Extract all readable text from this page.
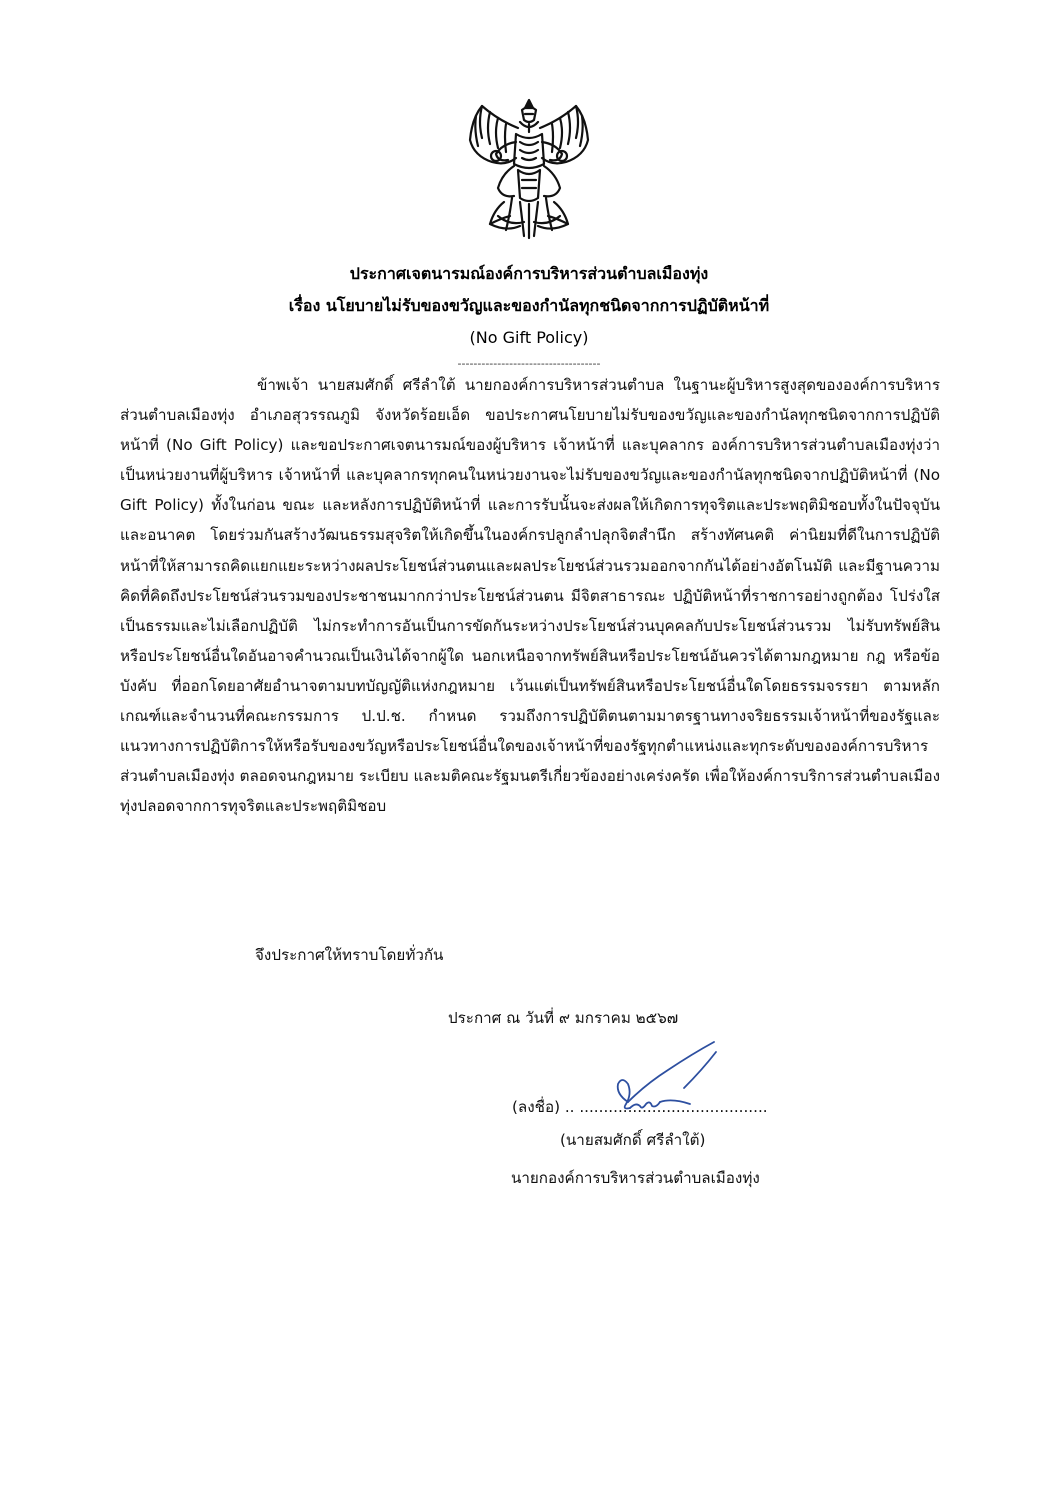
ประกาศเจตนารมณ์องค์การบริหารส่วนตำบลเมืองทุ่ง
เรื่อง นโยบายไม่รับของขวัญและของกำนัลทุกชนิดจากการปฏิบัติหน้าที่
(No Gift Policy)
------------------------------------

ข้าพเจ้า นายสมศักดิ์ ศรีลำใต้ นายกองค์การบริหารส่วนตำบล ในฐานะผู้บริหารสูงสุดขององค์การบริหารส่วนตำบลเมืองทุ่ง อำเภอสุวรรณภูมิ จังหวัดร้อยเอ็ด ขอประกาศนโยบายไม่รับของขวัญและของกำนัลทุกชนิดจากการปฏิบัติหน้าที่ (No Gift Policy) และขอประกาศเจตนารมณ์ของผู้บริหาร เจ้าหน้าที่ และบุคลากร องค์การบริหารส่วนตำบลเมืองทุ่งว่า เป็นหน่วยงานที่ผู้บริหาร เจ้าหน้าที่ และบุคลากรทุกคนในหน่วยงานจะไม่รับของขวัญและของกำนัลทุกชนิดจากปฏิบัติหน้าที่ (No Gift Policy) ทั้งในก่อน ขณะ และหลังการปฏิบัติหน้าที่ และการรับนั้นจะส่งผลให้เกิดการทุจริตและประพฤติมิชอบทั้งในปัจจุบันและอนาคต โดยร่วมกันสร้างวัฒนธรรมสุจริตให้เกิดขึ้นในองค์กรปลูกลำปลุกจิตสำนึก สร้างทัศนคติ ค่านิยมที่ดีในการปฏิบัติหน้าที่ให้สามารถคิดแยกแยะระหว่างผลประโยชน์ส่วนตนและผลประโยชน์ส่วนรวมออกจากกันได้อย่างอัตโนมัติ และมีฐานความคิดที่คิดถึงประโยชน์ส่วนรวมของประชาชนมากกว่าประโยชน์ส่วนตน มีจิตสาธารณะ ปฏิบัติหน้าที่ราชการอย่างถูกต้อง โปร่งใส เป็นธรรมและไม่เลือกปฏิบัติ ไม่กระทำการอันเป็นการขัดกันระหว่างประโยชน์ส่วนบุคคลกับประโยชน์ส่วนรวม ไม่รับทรัพย์สินหรือประโยชน์อื่นใดอันอาจคำนวณเป็นเงินได้จากผู้ใด นอกเหนือจากทรัพย์สินหรือประโยชน์อันควรได้ตามกฎหมาย กฎ หรือข้อบังคับ ที่ออกโดยอาศัยอำนาจตามบทบัญญัติแห่งกฎหมาย เว้นแต่เป็นทรัพย์สินหรือประโยชน์อื่นใดโดยธรรมจรรยา ตามหลักเกณฑ์และจำนวนที่คณะกรรมการ ป.ป.ช. กำหนด รวมถึงการปฏิบัติตนตามมาตรฐานทางจริยธรรมเจ้าหน้าที่ของรัฐและแนวทางการปฏิบัติการให้หรือรับของขวัญหรือประโยชน์อื่นใดของเจ้าหน้าที่ของรัฐทุกตำแหน่งและทุกระดับขององค์การบริหารส่วนตำบลเมืองทุ่ง ตลอดจนกฎหมาย ระเบียบ และมติคณะรัฐมนตรีเกี่ยวข้องอย่างเคร่งครัด เพื่อให้องค์การบริการส่วนตำบลเมืองทุ่งปลอดจากการทุจริตและประพฤติมิชอบ

จึงประกาศให้ทราบโดยทั่วกัน
ประกาศ ณ วันที่ ๙ มกราคม ๒๕๖๗
(ลงชื่อ) .. .......................................
(นายสมศักดิ์ ศรีลำใต้)
นายกองค์การบริหารส่วนตำบลเมืองทุ่ง
